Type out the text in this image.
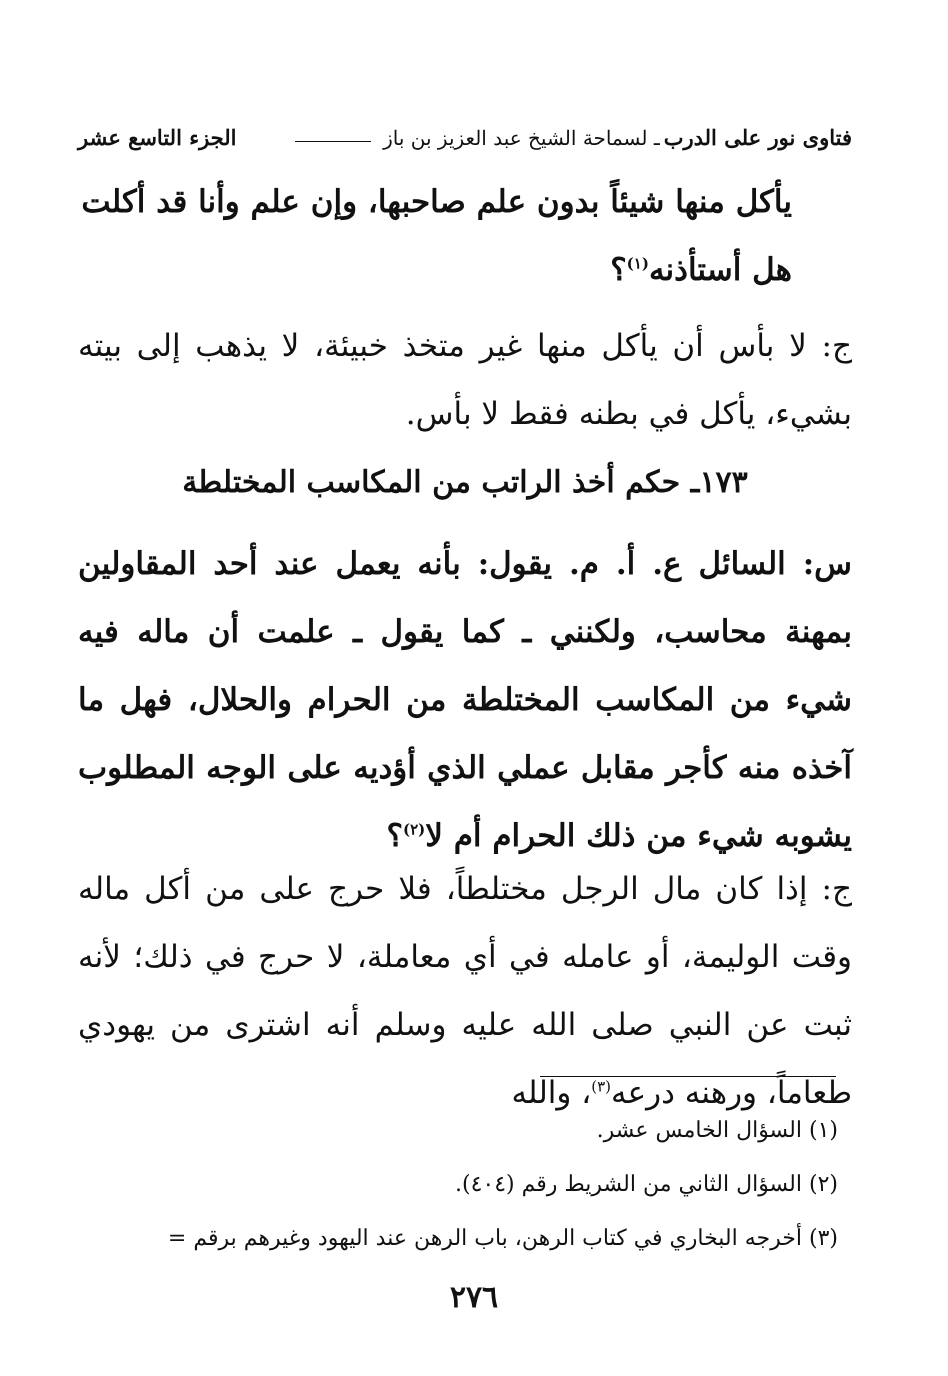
فتاوى نور على الدرب
ـ لسماحة الشيخ عبد العزيز بن باز
الجزء التاسع عشر
يأكل منها شيئاً بدون علم صاحبها، وإن علم وأنا قد أكلت
هل أستأذنه$^{(١)}$؟
ج: لا بأس أن يأكل منها غير متخذ خبيئة، لا يذهب إلى بيته بشيء، يأكل في بطنه فقط لا بأس.
١٧٣ـ حكم أخذ الراتب من المكاسب المختلطة
س: السائل ع. أ. م. يقول: بأنه يعمل عند أحد المقاولين بمهنة محاسب، ولكنني ـ كما يقول ـ علمت أن ماله فيه شيء من المكاسب المختلطة من الحرام والحلال، فهل ما آخذه منه كأجر مقابل عملي الذي أؤديه على الوجه المطلوب يشوبه شيء من ذلك الحرام أم لا$^{(٢)}$؟
ج: إذا كان مال الرجل مختلطاً، فلا حرج على من أكل ماله وقت الوليمة، أو عامله في أي معاملة، لا حرج في ذلك؛ لأنه ثبت عن النبي صلى الله عليه وسلم أنه اشترى من يهودي طعاماً، ورهنه درعه$^{(٣)}$، والله
(١) السؤال الخامس عشر.
(٢) السؤال الثاني من الشريط رقم (٤٠٤).
(٣) أخرجه البخاري في كتاب الرهن، باب الرهن عند اليهود وغيرهم برقم =
٢٧٦
